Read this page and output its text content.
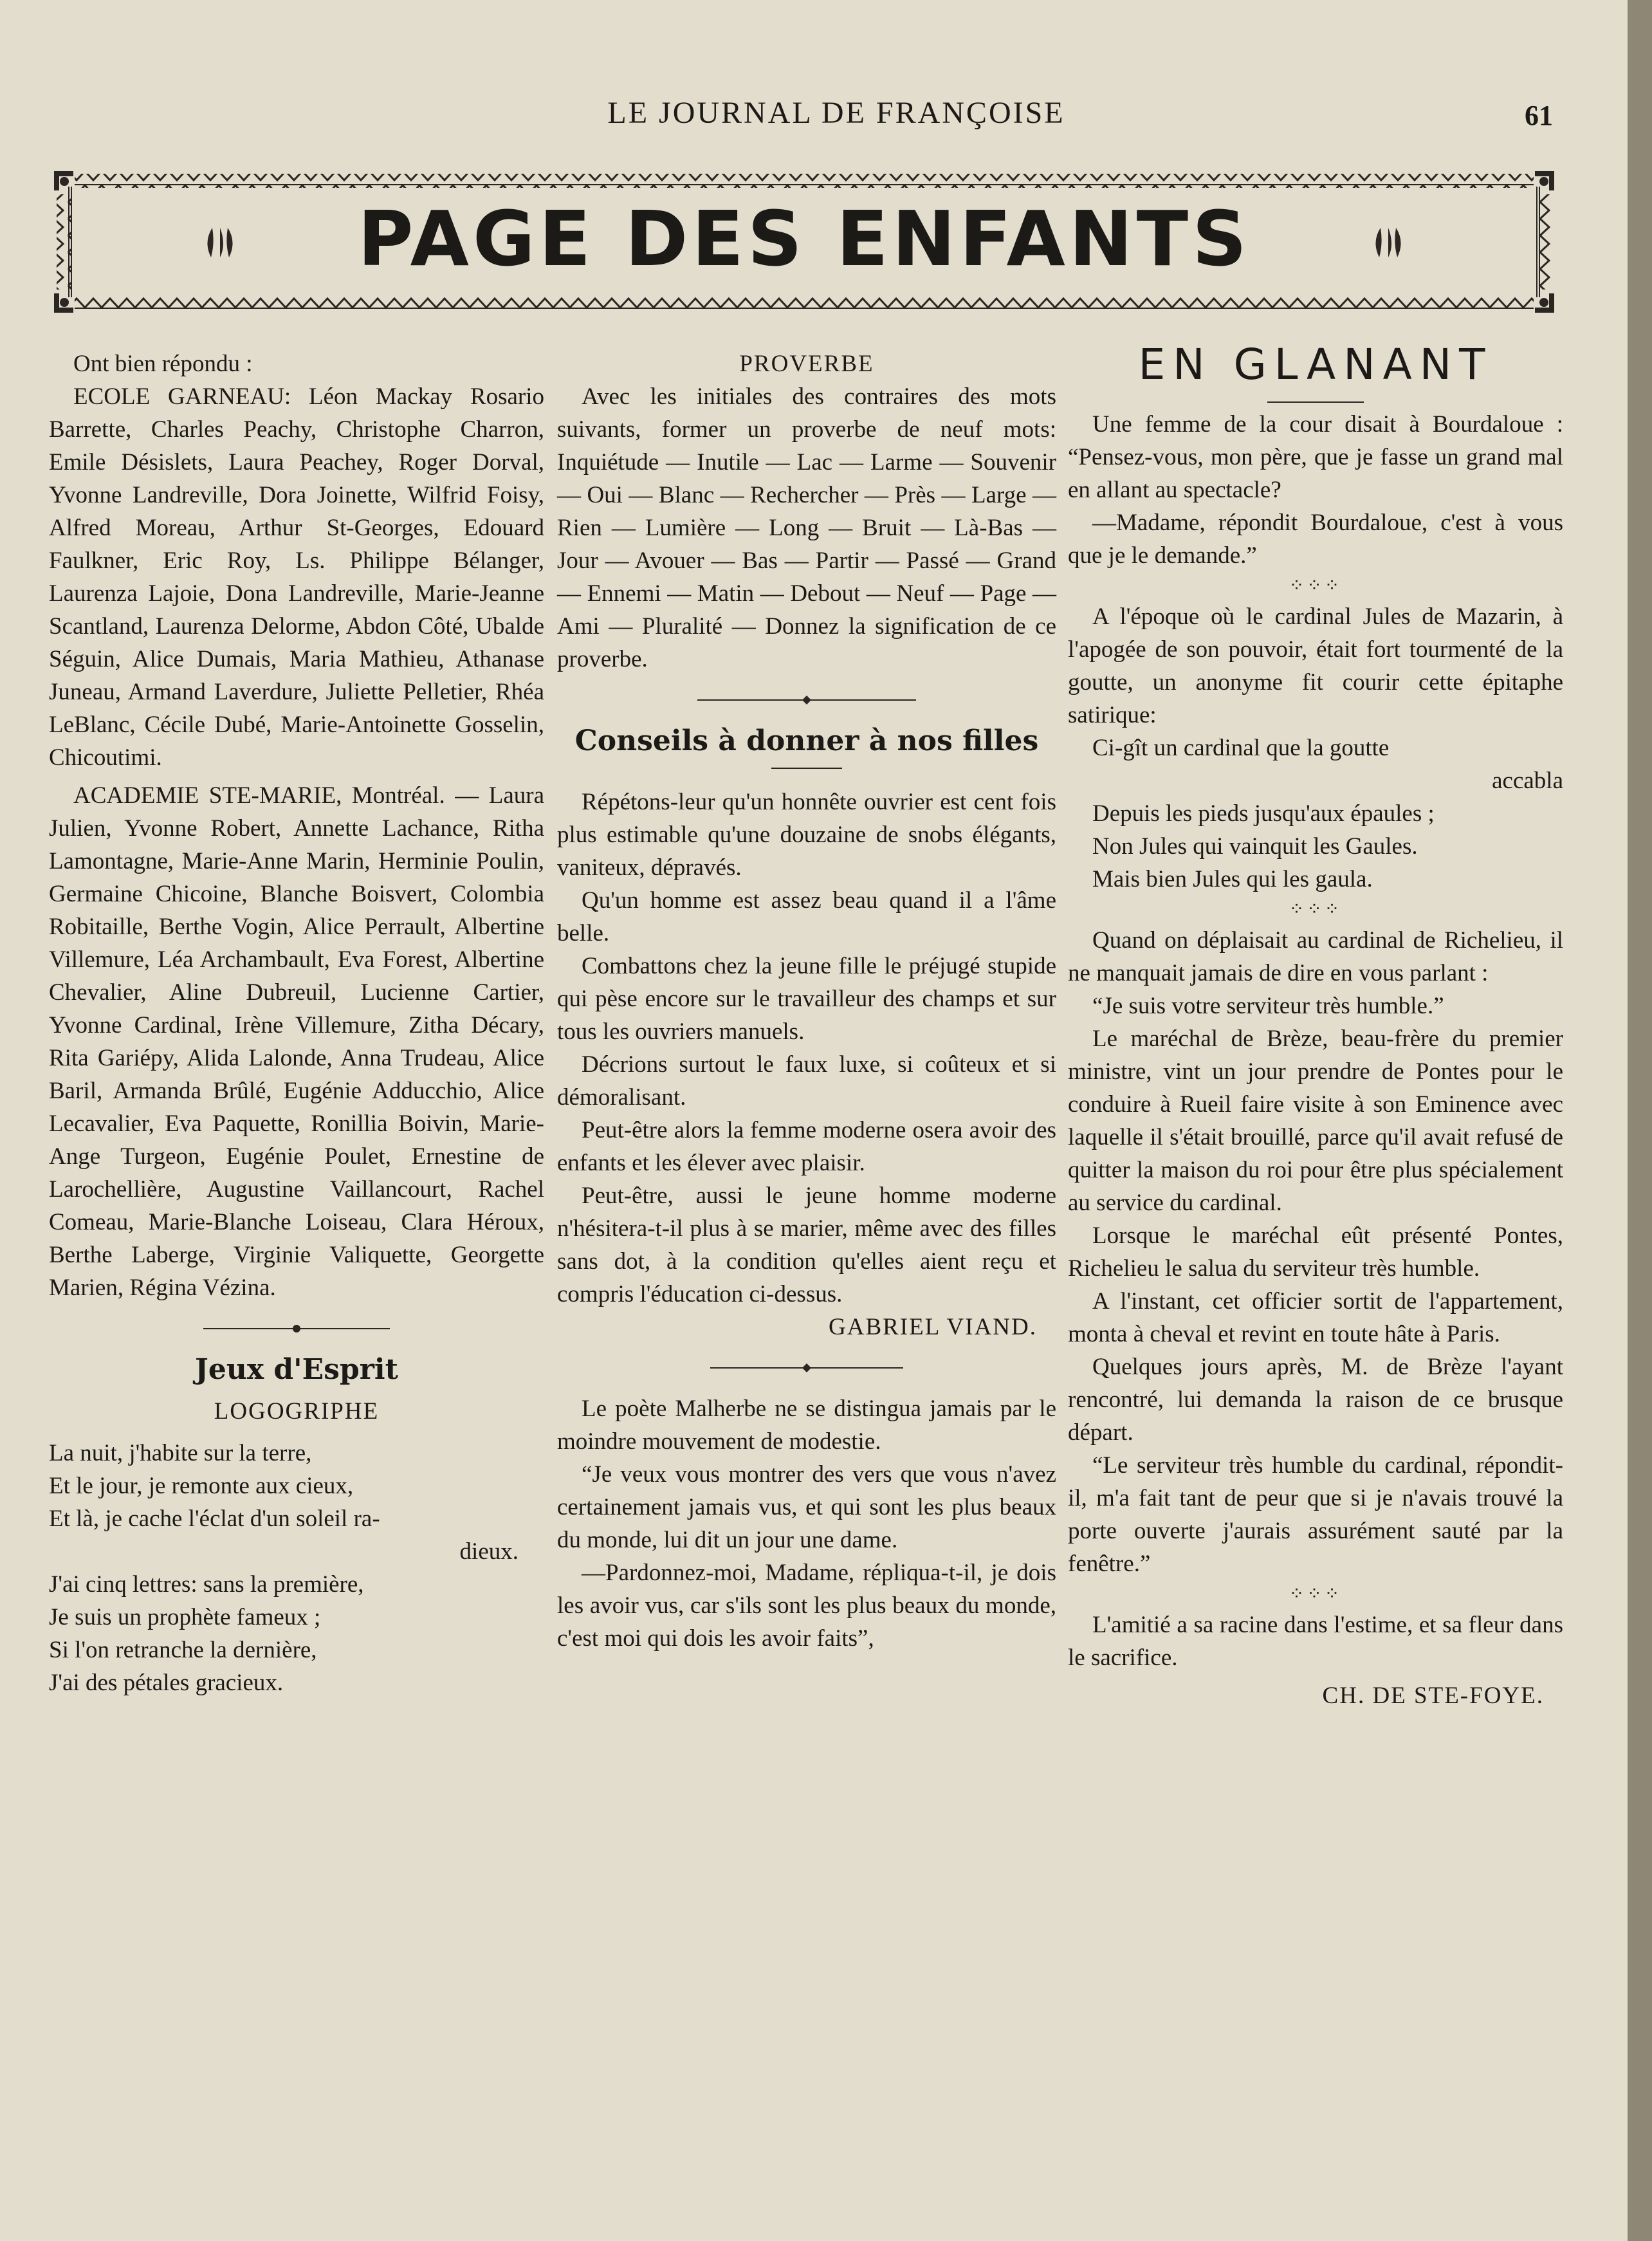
LE JOURNAL DE FRANÇOISE	61
PAGE DES ENFANTS

Ont bien répondu :

ECOLE GARNEAU: Léon Mackay Rosario Barrette, Charles Peachy, Christophe Charron, Emile Désislets, Laura Peachey, Roger Dorval, Yvonne Landreville, Dora Joinette, Wilfrid Foisy, Alfred Moreau, Arthur St-Georges, Edouard Faulkner, Eric Roy, Ls. Philippe Bélanger, Laurenza Lajoie, Dona Landreville, Marie-Jeanne Scantland, Laurenza Delorme, Abdon Côté, Ubalde Séguin, Alice Dumais, Maria Mathieu, Athanase Juneau, Armand Laverdure, Juliette Pelletier, Rhéa LeBlanc, Cécile Dubé, Marie-Antoinette Gosselin, Chicoutimi.

ACADEMIE STE-MARIE, Montréal. — Laura Julien, Yvonne Robert, Annette Lachance, Ritha Lamontagne, Marie-Anne Marin, Herminie Poulin, Germaine Chicoine, Blanche Boisvert, Colombia Robitaille, Berthe Vogin, Alice Perrault, Albertine Villemure, Léa Archambault, Eva Forest, Albertine Chevalier, Aline Dubreuil, Lucienne Cartier, Yvonne Cardinal, Irène Villemure, Zitha Décary, Rita Gariépy, Alida Lalonde, Anna Trudeau, Alice Baril, Armanda Brûlé, Eugénie Adducchio, Alice Lecavalier, Eva Paquette, Ronillia Boivin, Marie-Ange Turgeon, Eugénie Poulet, Ernestine de Larochellière, Augustine Vaillancourt, Rachel Comeau, Marie-Blanche Loiseau, Clara Héroux, Berthe Laberge, Virginie Valiquette, Georgette Marien, Régina Vézina.

Jeux d'Esprit

LOGOGRIPHE

La nuit, j'habite sur la terre,

Et le jour, je remonte aux cieux,

Et là, je cache l'éclat d'un soleil ra-

dieux.

J'ai cinq lettres: sans la première,

Je suis un prophète fameux ;

Si l'on retranche la dernière,

J'ai des pétales gracieux.

PROVERBE

Avec les initiales des contraires des mots suivants, former un proverbe de neuf mots: Inquiétude — Inutile — Lac — Larme — Souvenir — Oui — Blanc — Rechercher — Près — Large — Rien — Lumière — Long — Bruit — Là-Bas — Jour — Avouer — Bas — Partir — Passé — Grand — Ennemi — Matin — Debout — Neuf — Page — Ami — Pluralité — Donnez la signification de ce proverbe.

Conseils à donner à nos filles

Répétons-leur qu'un honnête ouvrier est cent fois plus estimable qu'une douzaine de snobs élégants, vaniteux, dépravés.

Qu'un homme est assez beau quand il a l'âme belle.

Combattons chez la jeune fille le préjugé stupide qui pèse encore sur le travailleur des champs et sur tous les ouvriers manuels.

Décrions surtout le faux luxe, si coûteux et si démoralisant.

Peut-être alors la femme moderne osera avoir des enfants et les élever avec plaisir.

Peut-être, aussi le jeune homme moderne n'hésitera-t-il plus à se marier, même avec des filles sans dot, à la condition qu'elles aient reçu et compris l'éducation ci-dessus.

GABRIEL VIAND.

Le poète Malherbe ne se distingua jamais par le moindre mouvement de modestie.

“Je veux vous montrer des vers que vous n'avez certainement jamais vus, et qui sont les plus beaux du monde, lui dit un jour une dame.

—Pardonnez-moi, Madame, répliqua-t-il, je dois les avoir vus, car s'ils sont les plus beaux du monde, c'est moi qui dois les avoir faits”,

EN GLANANT

Une femme de la cour disait à Bourdaloue : “Pensez-vous, mon père, que je fasse un grand mal en allant au spectacle?

—Madame, répondit Bourdaloue, c'est à vous que je le demande.”

⁘⁘⁘

A l'époque où le cardinal Jules de Mazarin, à l'apogée de son pouvoir, était fort tourmenté de la goutte, un anonyme fit courir cette épitaphe satirique:

Ci-gît un cardinal que la goutte

accabla

Depuis les pieds jusqu'aux épaules ;

Non Jules qui vainquit les Gaules.

Mais bien Jules qui les gaula.

⁘⁘⁘

Quand on déplaisait au cardinal de Richelieu, il ne manquait jamais de dire en vous parlant :

“Je suis votre serviteur très humble.”

Le maréchal de Brèze, beau-frère du premier ministre, vint un jour prendre de Pontes pour le conduire à Rueil faire visite à son Eminence avec laquelle il s'était brouillé, parce qu'il avait refusé de quitter la maison du roi pour être plus spécialement au service du cardinal.

Lorsque le maréchal eût présenté Pontes, Richelieu le salua du serviteur très humble.

A l'instant, cet officier sortit de l'appartement, monta à cheval et revint en toute hâte à Paris.

Quelques jours après, M. de Brèze l'ayant rencontré, lui demanda la raison de ce brusque départ.

“Le serviteur très humble du cardinal, répondit-il, m'a fait tant de peur que si je n'avais trouvé la porte ouverte j'aurais assurément sauté par la fenêtre.”

⁘⁘⁘

L'amitié a sa racine dans l'estime, et sa fleur dans le sacrifice.

CH. DE STE-FOYE.
